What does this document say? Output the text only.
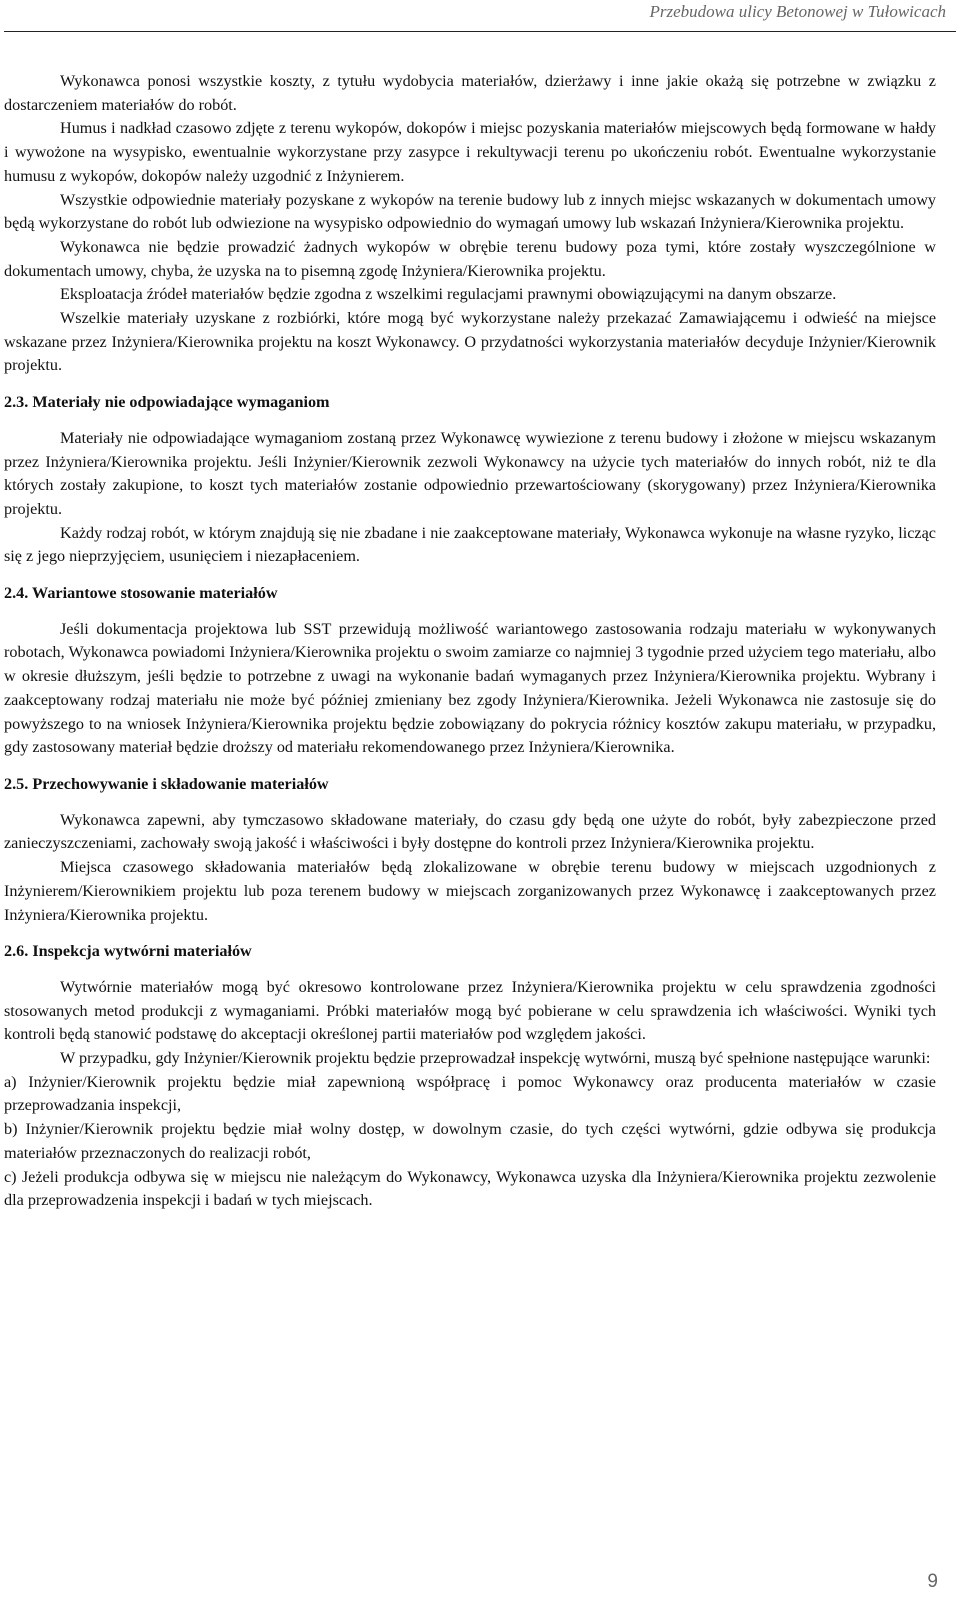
Przebudowa ulicy Betonowej w Tułowicach

Wykonawca ponosi wszystkie koszty, z tytułu wydobycia materiałów, dzierżawy i inne jakie okażą się potrzebne w związku z dostarczeniem materiałów do robót.

Humus i nadkład czasowo zdjęte z terenu wykopów, dokopów i miejsc pozyskania materiałów miejscowych będą formowane w hałdy i wywożone na wysypisko, ewentualnie wykorzystane przy zasypce i rekultywacji terenu po ukończeniu robót. Ewentualne wykorzystanie humusu z wykopów, dokopów należy uzgodnić z Inżynierem.

Wszystkie odpowiednie materiały pozyskane z wykopów na terenie budowy lub z innych miejsc wskazanych w dokumentach umowy będą wykorzystane do robót lub odwiezione na wysypisko odpowiednio do wymagań umowy lub wskazań Inżyniera/Kierownika projektu.

Wykonawca nie będzie prowadzić żadnych wykopów w obrębie terenu budowy poza tymi, które zostały wyszczególnione w dokumentach umowy, chyba, że uzyska na to pisemną zgodę Inżyniera/Kierownika projektu.

Eksploatacja źródeł materiałów będzie zgodna z wszelkimi regulacjami prawnymi obowiązującymi na danym obszarze.

Wszelkie materiały uzyskane z rozbiórki, które mogą być wykorzystane należy przekazać Zamawiającemu i odwieść na miejsce wskazane przez Inżyniera/Kierownika projektu na koszt Wykonawcy. O przydatności wykorzystania materiałów decyduje Inżynier/Kierownik projektu.

2.3. Materiały nie odpowiadające wymaganiom

Materiały nie odpowiadające wymaganiom zostaną przez Wykonawcę wywiezione z terenu budowy i złożone w miejscu wskazanym przez Inżyniera/Kierownika projektu. Jeśli Inżynier/Kierownik zezwoli Wykonawcy na użycie tych materiałów do innych robót, niż te dla których zostały zakupione, to koszt tych materiałów zostanie odpowiednio przewartościowany (skorygowany) przez Inżyniera/Kierownika projektu.

Każdy rodzaj robót, w którym znajdują się nie zbadane i nie zaakceptowane materiały, Wykonawca wykonuje na własne ryzyko, licząc się z jego nieprzyjęciem, usunięciem i niezapłaceniem.

2.4. Wariantowe stosowanie materiałów

Jeśli dokumentacja projektowa lub SST przewidują możliwość wariantowego zastosowania rodzaju materiału w wykonywanych robotach, Wykonawca powiadomi Inżyniera/Kierownika projektu o swoim zamiarze co najmniej 3 tygodnie przed użyciem tego materiału, albo w okresie dłuższym, jeśli będzie to potrzebne z uwagi na wykonanie badań wymaganych przez Inżyniera/Kierownika projektu. Wybrany i zaakceptowany rodzaj materiału nie może być później zmieniany bez zgody Inżyniera/Kierownika. Jeżeli Wykonawca nie zastosuje się do powyższego to na wniosek Inżyniera/Kierownika projektu będzie zobowiązany do pokrycia różnicy kosztów zakupu materiału, w przypadku, gdy zastosowany materiał będzie droższy od materiału rekomendowanego przez Inżyniera/Kierownika.

2.5. Przechowywanie i składowanie materiałów

Wykonawca zapewni, aby tymczasowo składowane materiały, do czasu gdy będą one użyte do robót, były zabezpieczone przed zanieczyszczeniami, zachowały swoją jakość i właściwości i były dostępne do kontroli przez Inżyniera/Kierownika projektu.

Miejsca czasowego składowania materiałów będą zlokalizowane w obrębie terenu budowy w miejscach uzgodnionych z Inżynierem/Kierownikiem projektu lub poza terenem budowy w miejscach zorganizowanych przez Wykonawcę i zaakceptowanych przez Inżyniera/Kierownika projektu.

2.6. Inspekcja wytwórni materiałów

Wytwórnie materiałów mogą być okresowo kontrolowane przez Inżyniera/Kierownika projektu w celu sprawdzenia zgodności stosowanych metod produkcji z wymaganiami. Próbki materiałów mogą być pobierane w celu sprawdzenia ich właściwości. Wyniki tych kontroli będą stanowić podstawę do akceptacji określonej partii materiałów pod względem jakości.

W przypadku, gdy Inżynier/Kierownik projektu będzie przeprowadzał inspekcję wytwórni, muszą być spełnione następujące warunki:

a) Inżynier/Kierownik projektu będzie miał zapewnioną współpracę i pomoc Wykonawcy oraz producenta materiałów w czasie przeprowadzania inspekcji,

b) Inżynier/Kierownik projektu będzie miał wolny dostęp, w dowolnym czasie, do tych części wytwórni, gdzie odbywa się produkcja materiałów przeznaczonych do realizacji robót,

c) Jeżeli produkcja odbywa się w miejscu nie należącym do Wykonawcy, Wykonawca uzyska dla Inżyniera/Kierownika projektu zezwolenie dla przeprowadzenia inspekcji i badań w tych miejscach.

9
